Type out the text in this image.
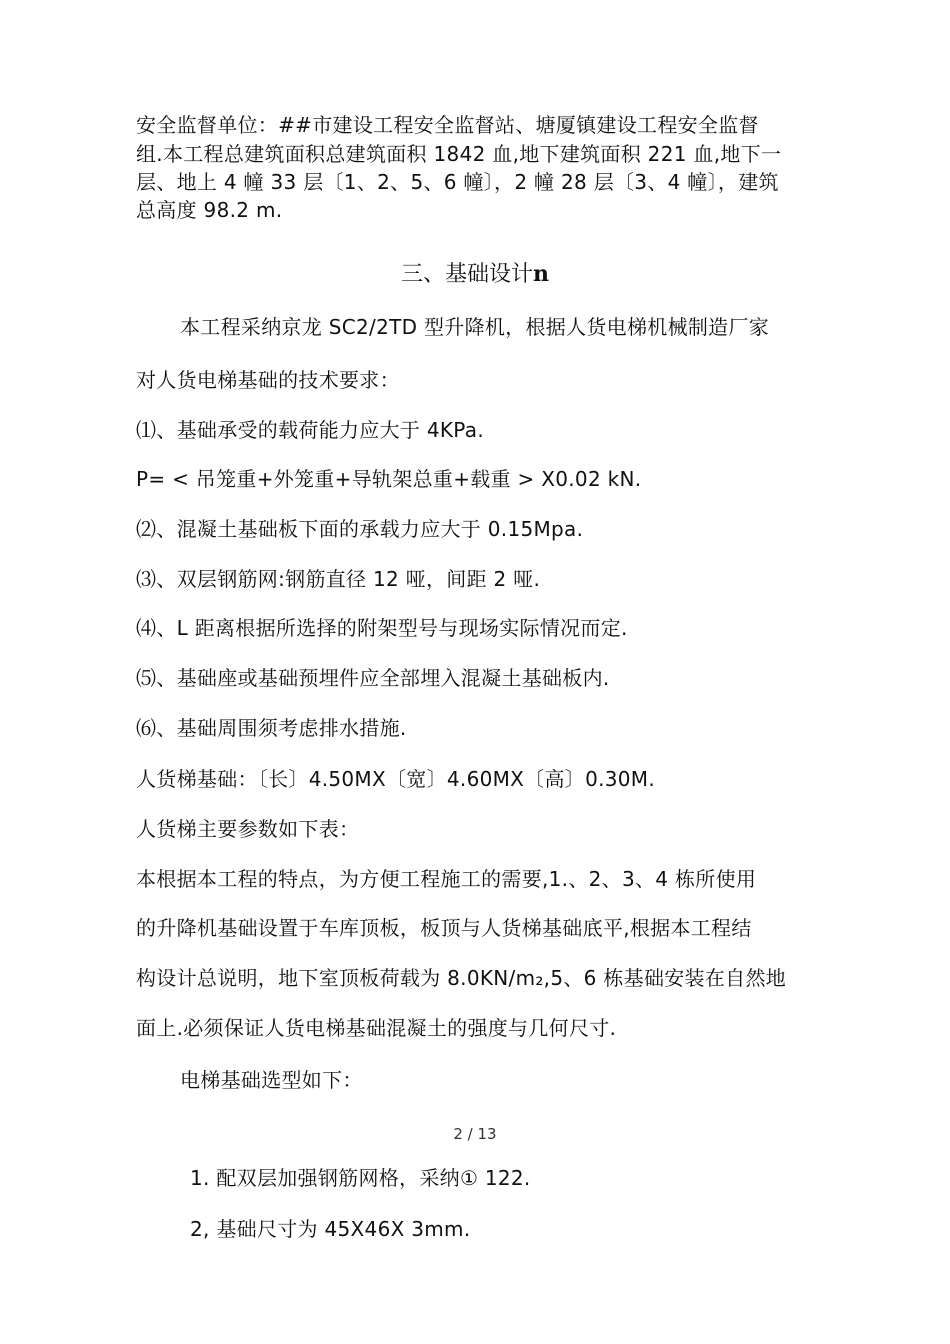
安全监督单位：##市建设工程安全监督站、塘厦镇建设工程安全监督
组.本工程总建筑面积总建筑面积 1842 血,地下建筑面积 221 血,地下一
层、地上 4 幢 33 层〔1、2、5、6 幢〕，2 幢 28 层〔3、4 幢〕，建筑
总高度 98.2 m.
三、基础设计n
本工程采纳京龙 SC2/2TD 型升降机，根据人货电梯机械制造厂家
对人货电梯基础的技术要求：
⑴、基础承受的载荷能力应大于 4KPa.
P= < 吊笼重+外笼重+导轨架总重+载重 > X0.02 kN.
⑵、混凝土基础板下面的承载力应大于 0.15Mpa.
⑶、双层钢筋网:钢筋直径 12 哑，间距 2 哑.
⑷、L 距离根据所选择的附架型号与现场实际情况而定.
⑸、基础座或基础预埋件应全部埋入混凝土基础板内.
⑹、基础周围须考虑排水措施.
人货梯基础：〔长〕4.50MX〔宽〕4.60MX〔高〕0.30M.
人货梯主要参数如下表：
本根据本工程的特点，为方便工程施工的需要,1.、2、3、4 栋所使用
的升降机基础设置于车库顶板，板顶与人货梯基础底平,根据本工程结
构设计总说明，地下室顶板荷载为 8.0KN/m₂,5、6 栋基础安装在自然地
面上.必须保证人货电梯基础混凝土的强度与几何尺寸.
电梯基础选型如下：
2 / 13
1. 配双层加强钢筋网格，采纳① 122.
2, 基础尺寸为 45X46X 3mm.
